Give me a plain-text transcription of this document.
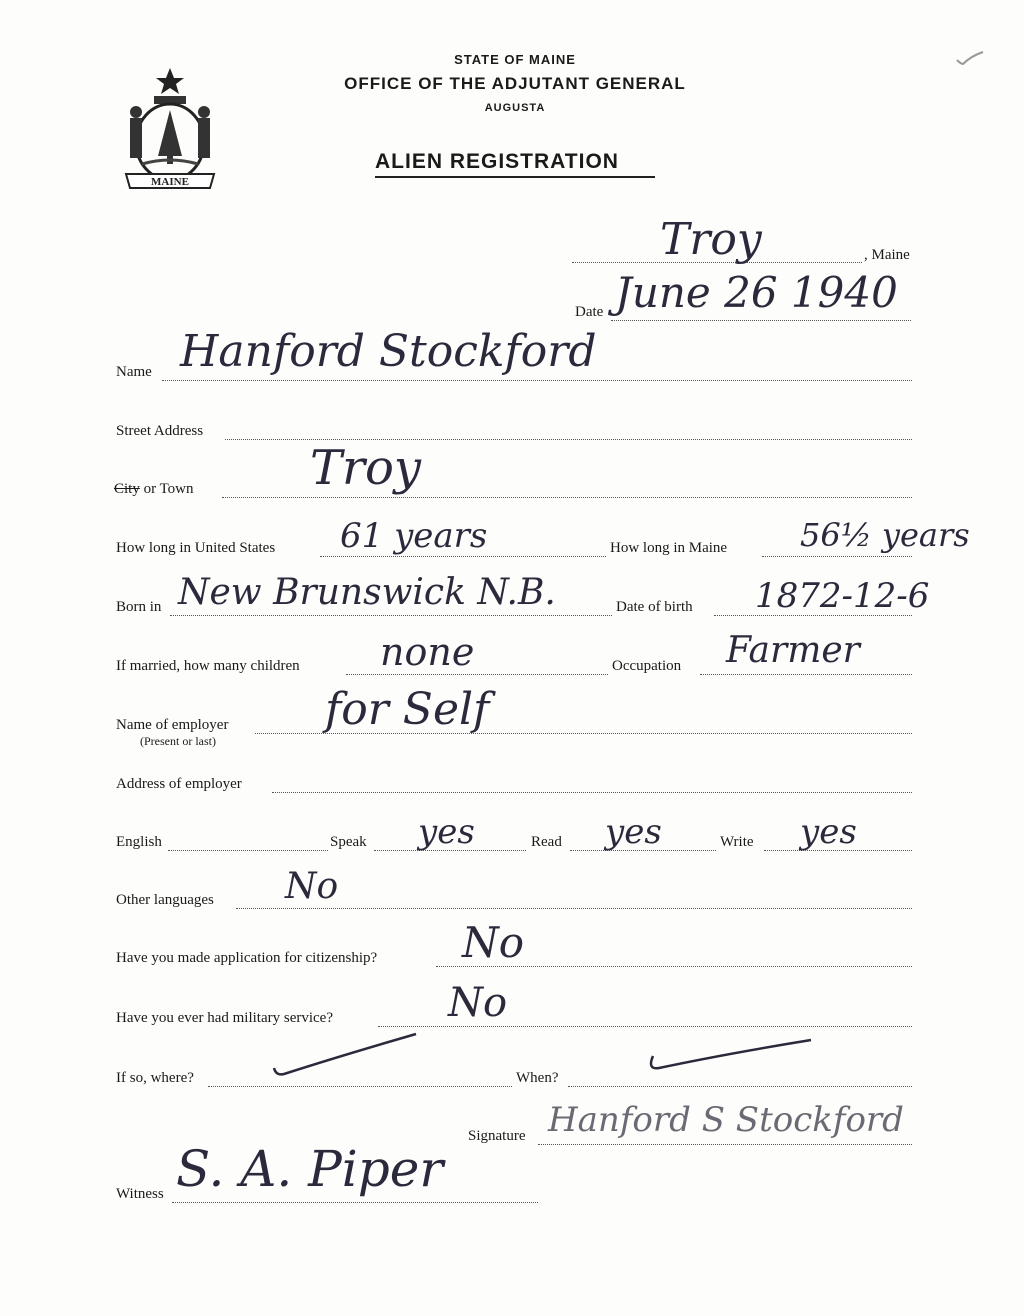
MAINE
STATE OF MAINE
OFFICE OF THE ADJUTANT GENERAL
AUGUSTA
ALIEN REGISTRATION
Troy	, Maine
Date June 26 1940
Name Hanford Stockford
Street Address
City or Town Troy
How long in United States 61 years	How long in Maine 56½ years
Born in New Brunswick N.B.	Date of birth 1872-12-6
If married, how many children none	Occupation Farmer
Name of employer
(Present or last)
for Self
Address of employer
English	Speak yes	Read yes	Write yes
Other languages No
Have you made application for citizenship? No
Have you ever had military service?	No
If so, where?	When?
Signature Hanford S Stockford
Witness S. A. Piper
